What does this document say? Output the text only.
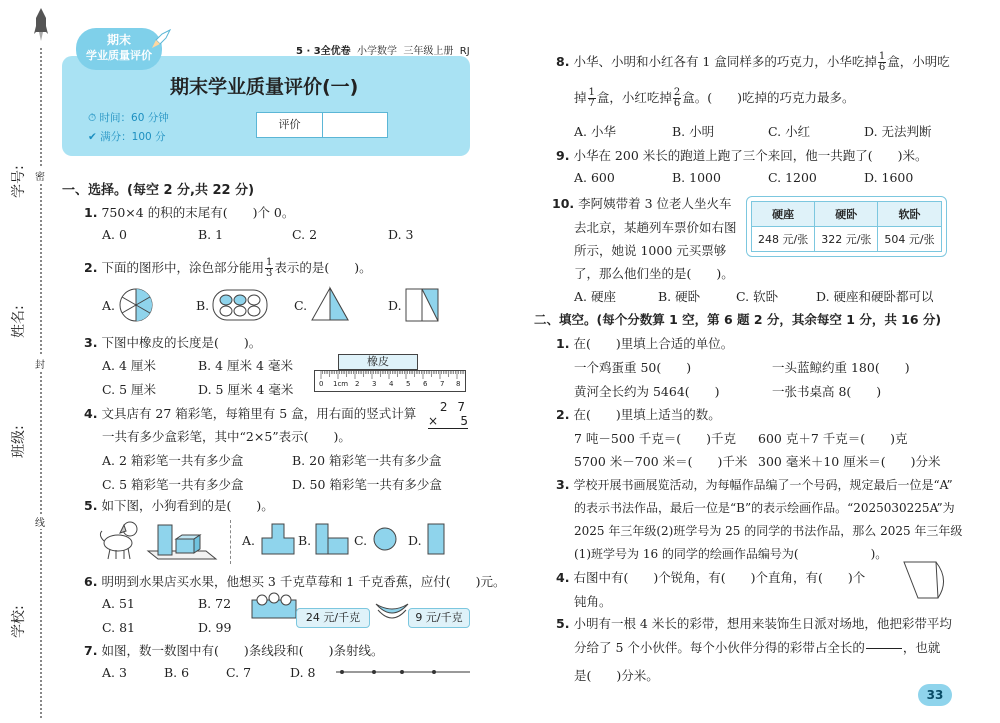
学号: 密
姓名:
封
班级:
线
学校:
期末
学业质量评价	5 · 3全优卷 小学数学 三年级上册 RJ
期末学业质量评价(一)
⏱ 时间：60 分钟
✔ 满分：100 分
评价
一、选择。(每空 2 分,共 22 分)
1. 750×4 的积的末尾有(　　)个 0。
A. 0	B. 1	C. 2	D. 3
2. 下面的图形中，涂色部分能用 $\frac{1}{3}$ 表示的是(　　)。
A.	B.	C.	D.
3. 下图中橡皮的长度是(　　)。
A. 4 厘米	B. 4 厘米 4 毫米
C. 5 厘米	D. 5 厘米 4 毫米
橡皮
0 1cm 2 3 4 5 6 7 8
4. 文具店有 27 箱彩笔，每箱里有 5 盒，用右面的竖式计算
一共有多少盒彩笔，其中“2×5”表示(　　)。
2 7
× 5
A. 2 箱彩笔一共有多少盒	B. 20 箱彩笔一共有多少盒
C. 5 箱彩笔一共有多少盒	D. 50 箱彩笔一共有多少盒
5. 如下图，小狗看到的是(　　)。
A.	B.	C.	D.
6. 明明到水果店买水果，他想买 3 千克草莓和 1 千克香蕉，应付(　　)元。
A. 51	B. 72
C. 81	D. 99
24 元/千克	9 元/千克
7. 如图，数一数图中有(　　)条线段和(　　)条射线。
A. 3	B. 6	C. 7	D. 8
8. 小华、小明和小红各有 1 盒同样多的巧克力，小华吃掉 $\frac{1}{6}$ 盒，小明吃
掉 $\frac{1}{7}$ 盒，小红吃掉 $\frac{2}{6}$ 盒。(　　)吃掉的巧克力最多。
A. 小华	B. 小明	C. 小红	D. 无法判断
9. 小华在 200 米长的跑道上跑了三个来回，他一共跑了(　　)米。
A. 600	B. 1000	C. 1200	D. 1600
10. 李阿姨带着 3 位老人坐火车
去北京，某趟列车票价如右图
所示，她说 1000 元买票够
了，那么他们坐的是(　　)。
硬座	硬卧	软卧
248 元/张	322 元/张	504 元/张
A. 硬座	B. 硬卧	C. 软卧	D. 硬座和硬卧都可以
二、填空。(每个分数算 1 空，第 6 题 2 分，其余每空 1 分，共 16 分)
1. 在(　　)里填上合适的单位。
一个鸡蛋重 50(　　)	一头蓝鲸约重 180(　　)
黄河全长约为 5464(　　)	一张书桌高 8(　　)
2. 在(　　)里填上适当的数。
7 吨－500 千克＝(　　)千克 600 克＋7 千克＝(　　)克
5700 米－700 米＝(　　)千米 300 毫米＋10 厘米＝(　　)分米
3. 学校开展书画展览活动，为每幅作品编了一个号码，规定最后一位是“A”
的表示书法作品，最后一位是“B”的表示绘画作品。“2025030225A”为
2025 年三年级(2)班学号为 25 的同学的书法作品，那么 2025 年三年级
(1)班学号为 16 的同学的绘画作品编号为(　　　　　　)。
4. 右图中有(　　)个锐角，有(　　)个直角，有(　　)个
钝角。
5. 小明有一根 4 米长的彩带，想用来装饰生日派对场地，他把彩带平均
分给了 5 个小伙伴。每个小伙伴分得的彩带占全长的	，也就
是(　　)分米。
33
